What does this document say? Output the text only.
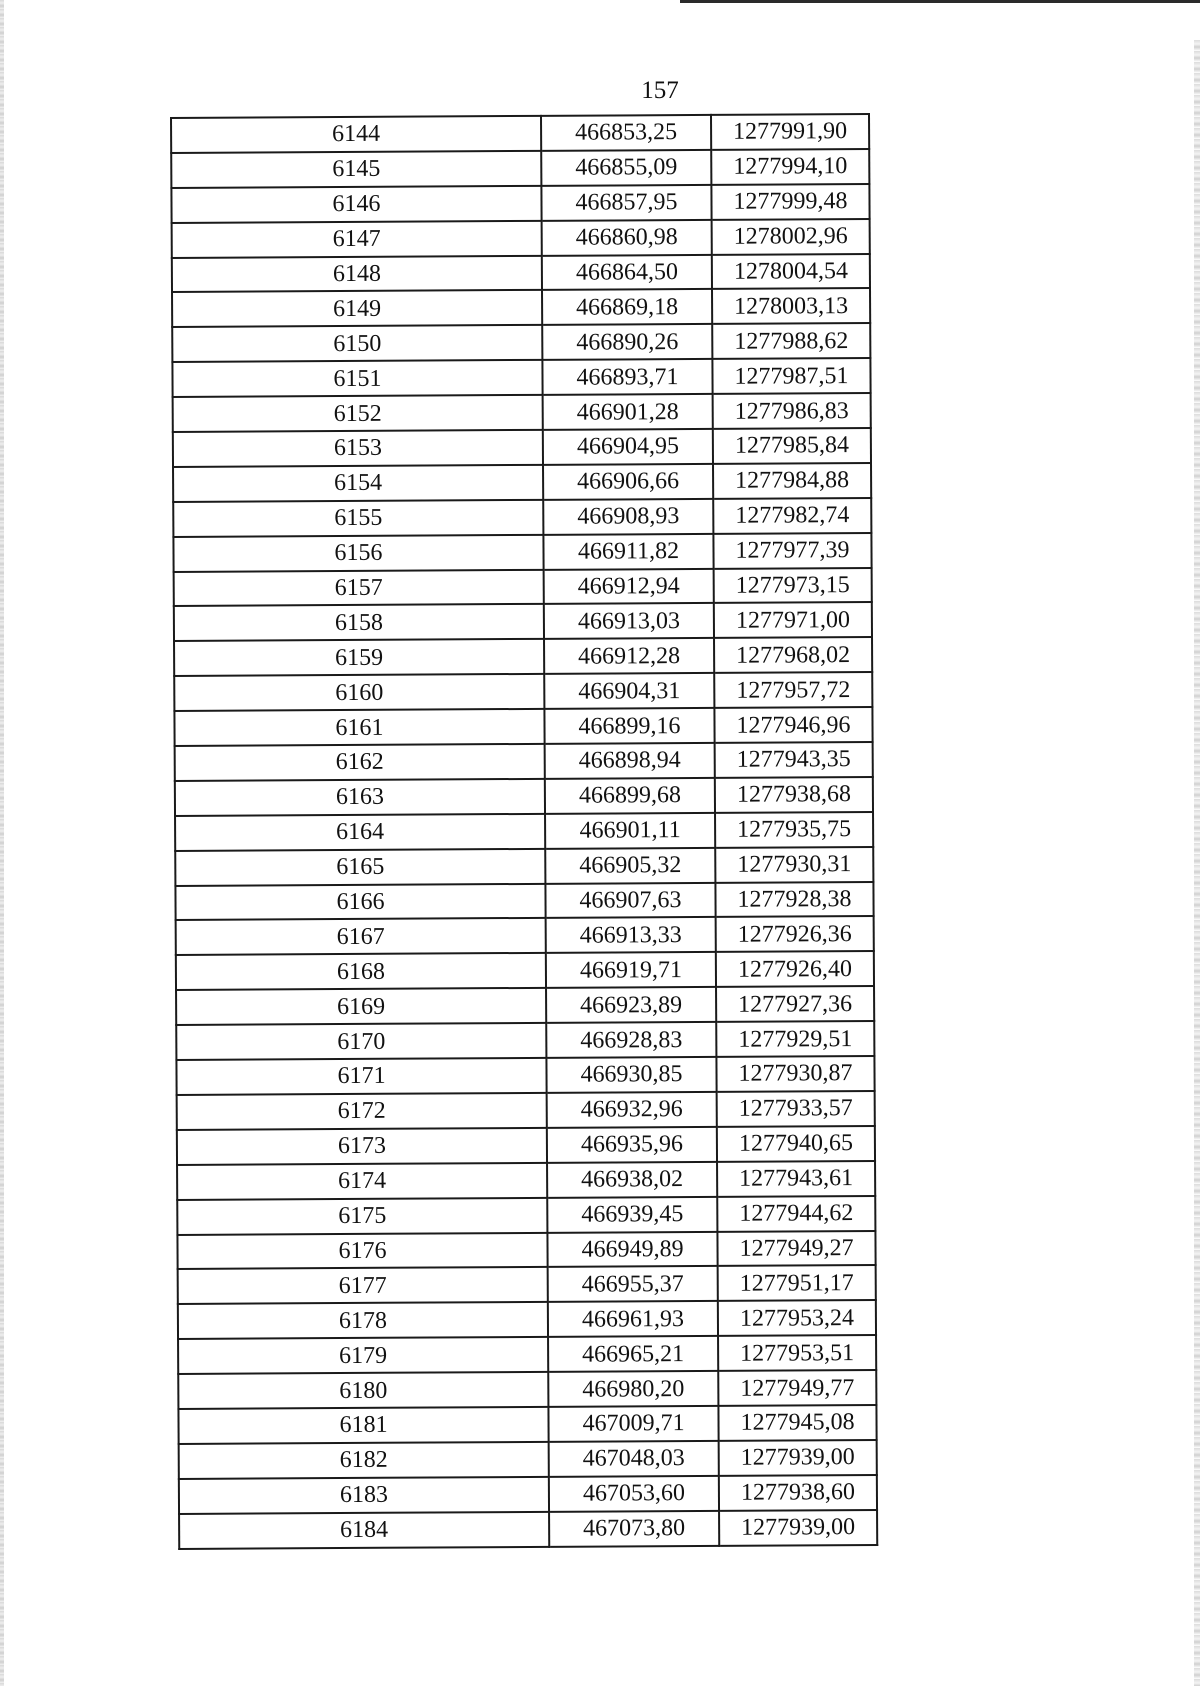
157
6144	466853,25	1277991,90
6145	466855,09	1277994,10
6146	466857,95	1277999,48
6147	466860,98	1278002,96
6148	466864,50	1278004,54
6149	466869,18	1278003,13
6150	466890,26	1277988,62
6151	466893,71	1277987,51
6152	466901,28	1277986,83
6153	466904,95	1277985,84
6154	466906,66	1277984,88
6155	466908,93	1277982,74
6156	466911,82	1277977,39
6157	466912,94	1277973,15
6158	466913,03	1277971,00
6159	466912,28	1277968,02
6160	466904,31	1277957,72
6161	466899,16	1277946,96
6162	466898,94	1277943,35
6163	466899,68	1277938,68
6164	466901,11	1277935,75
6165	466905,32	1277930,31
6166	466907,63	1277928,38
6167	466913,33	1277926,36
6168	466919,71	1277926,40
6169	466923,89	1277927,36
6170	466928,83	1277929,51
6171	466930,85	1277930,87
6172	466932,96	1277933,57
6173	466935,96	1277940,65
6174	466938,02	1277943,61
6175	466939,45	1277944,62
6176	466949,89	1277949,27
6177	466955,37	1277951,17
6178	466961,93	1277953,24
6179	466965,21	1277953,51
6180	466980,20	1277949,77
6181	467009,71	1277945,08
6182	467048,03	1277939,00
6183	467053,60	1277938,60
6184	467073,80	1277939,00
